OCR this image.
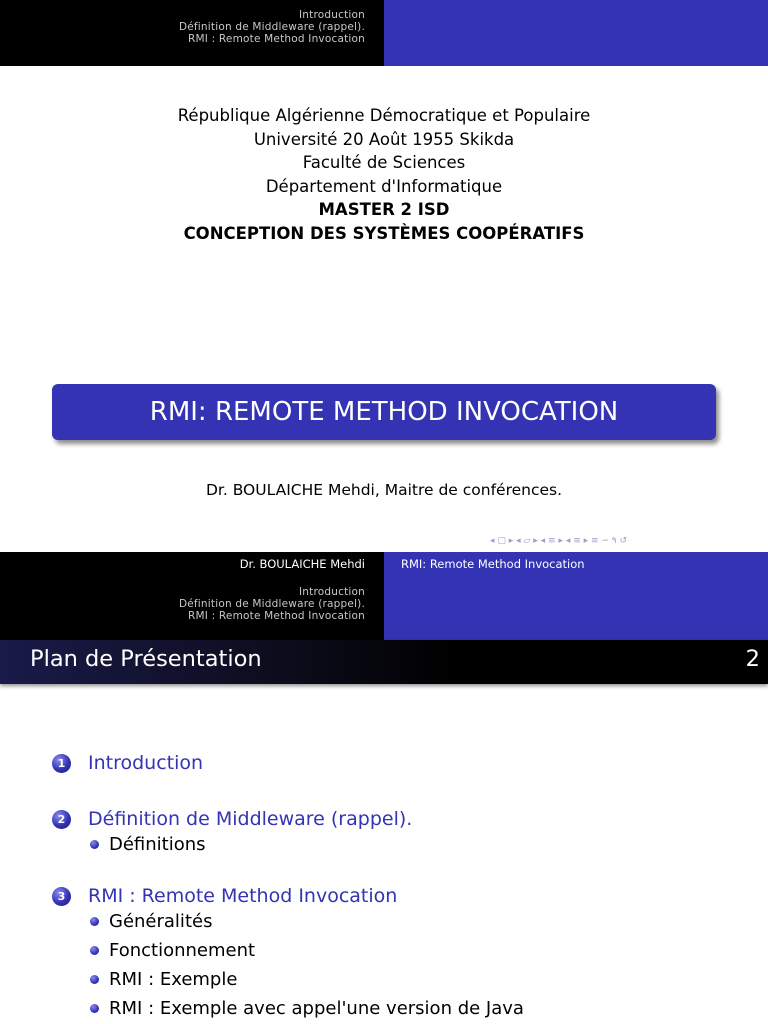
Introduction
Définition de Middleware (rappel).
RMI : Remote Method Invocation
République Algérienne Démocratique et Populaire
Université 20 Août 1955 Skikda
Faculté de Sciences
Département d'Informatique
MASTER 2 ISD
CONCEPTION DES SYSTÈMES COOPÉRATIFS
RMI: REMOTE METHOD INVOCATION
Dr. BOULAICHE Mehdi, Maitre de conférences.
◂ ▢ ▸ ◂ ▱ ▸ ◂ ≡ ▸ ◂ ≡ ▸ ≡ ∽ ۹ ↺
Dr. BOULAICHE Mehdi	RMI: Remote Method Invocation
Introduction
Définition de Middleware (rappel).
RMI : Remote Method Invocation
Plan de Présentation	2
1 Introduction
2 Définition de Middleware (rappel).
Définitions
3 RMI : Remote Method Invocation
Généralités
Fonctionnement
RMI : Exemple
RMI : Exemple avec appel'une version de Java
